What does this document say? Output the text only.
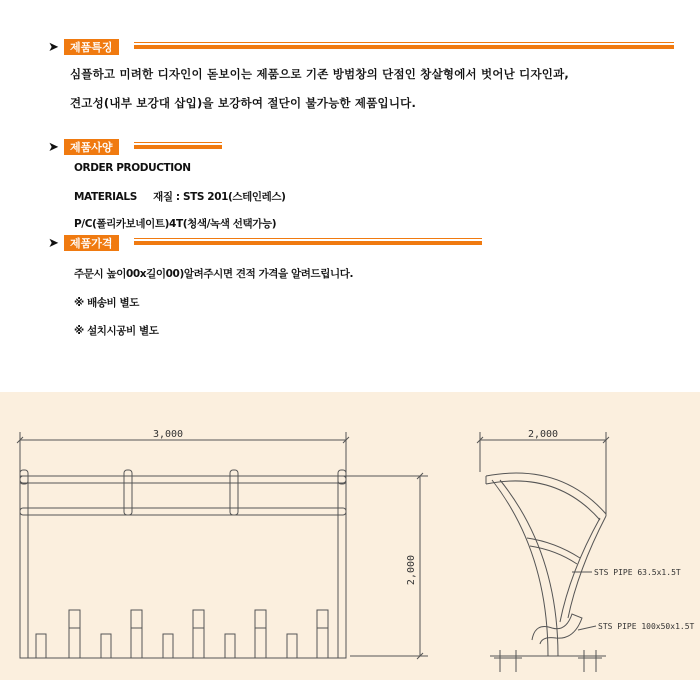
➤	제품특징
심플하고 미려한 디자인이 돋보이는 제품으로 기존 방범창의 단점인 창살형에서 벗어난 디자인과,
견고성(내부 보강대 삽입)을 보강하여 절단이 불가능한 제품입니다.
➤	제품사양
ORDER PRODUCTION
MATERIALS     재질 : STS 201(스테인레스)
P/C(폴리카보네이트)4T(청색/녹색 선택가능)
➤	제품가격
주문시 높이00x길이00)알려주시면 견적 가격을 알려드립니다.
※ 배송비 별도
※ 설치시공비 별도
3,000	2,000
2,000	STS PIPE 63.5x1.5T
STS PIPE 100x50x1.5T
